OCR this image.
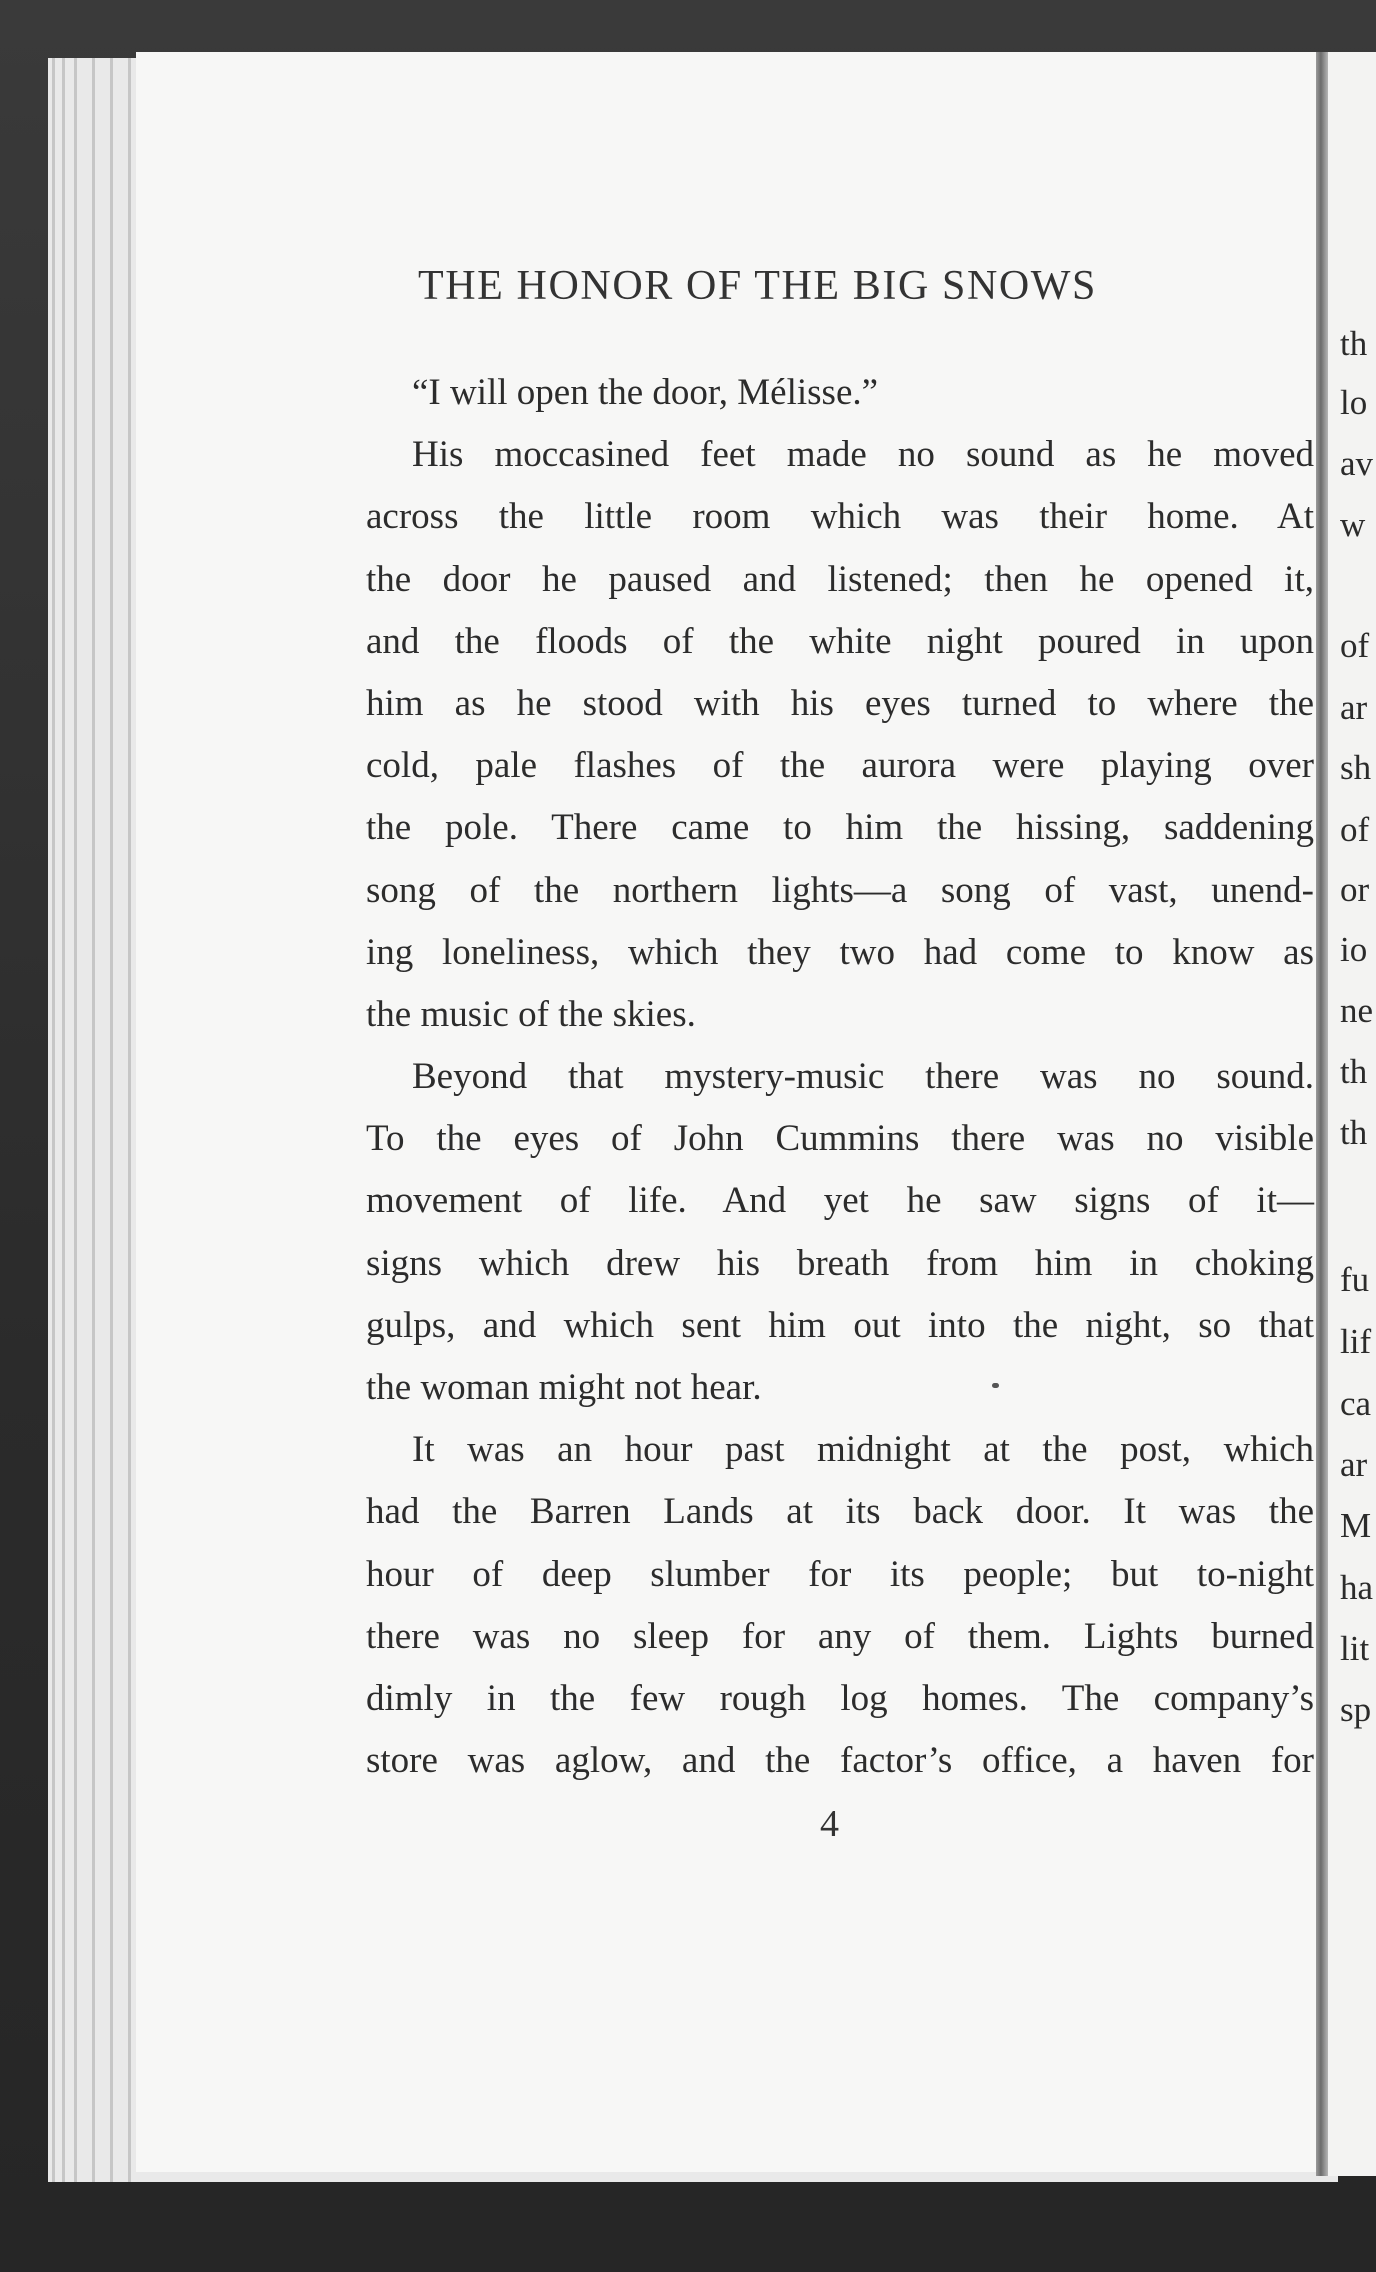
th
lo
av
w
of
ar
sh
of
or
io
ne
th
th
fu
lif
ca
ar
M
ha
lit
sp
THE HONOR OF THE BIG SNOWS
“I will open the door, Mélisse.”
His moccasined feet made no sound as he moved
across the little room which was their home. At
the door he paused and listened; then he opened it,
and the floods of the white night poured in upon
him as he stood with his eyes turned to where the
cold, pale flashes of the aurora were playing over
the pole. There came to him the hissing, saddening
song of the northern lights—a song of vast, unend-
ing loneliness, which they two had come to know as
the music of the skies.
Beyond that mystery-music there was no sound.
To the eyes of John Cummins there was no visible
movement of life. And yet he saw signs of it—
signs which drew his breath from him in choking
gulps, and which sent him out into the night, so that
the woman might not hear.
It was an hour past midnight at the post, which
had the Barren Lands at its back door. It was the
hour of deep slumber for its people; but to-night
there was no sleep for any of them. Lights burned
dimly in the few rough log homes. The company’s
store was aglow, and the factor’s office, a haven for
4
